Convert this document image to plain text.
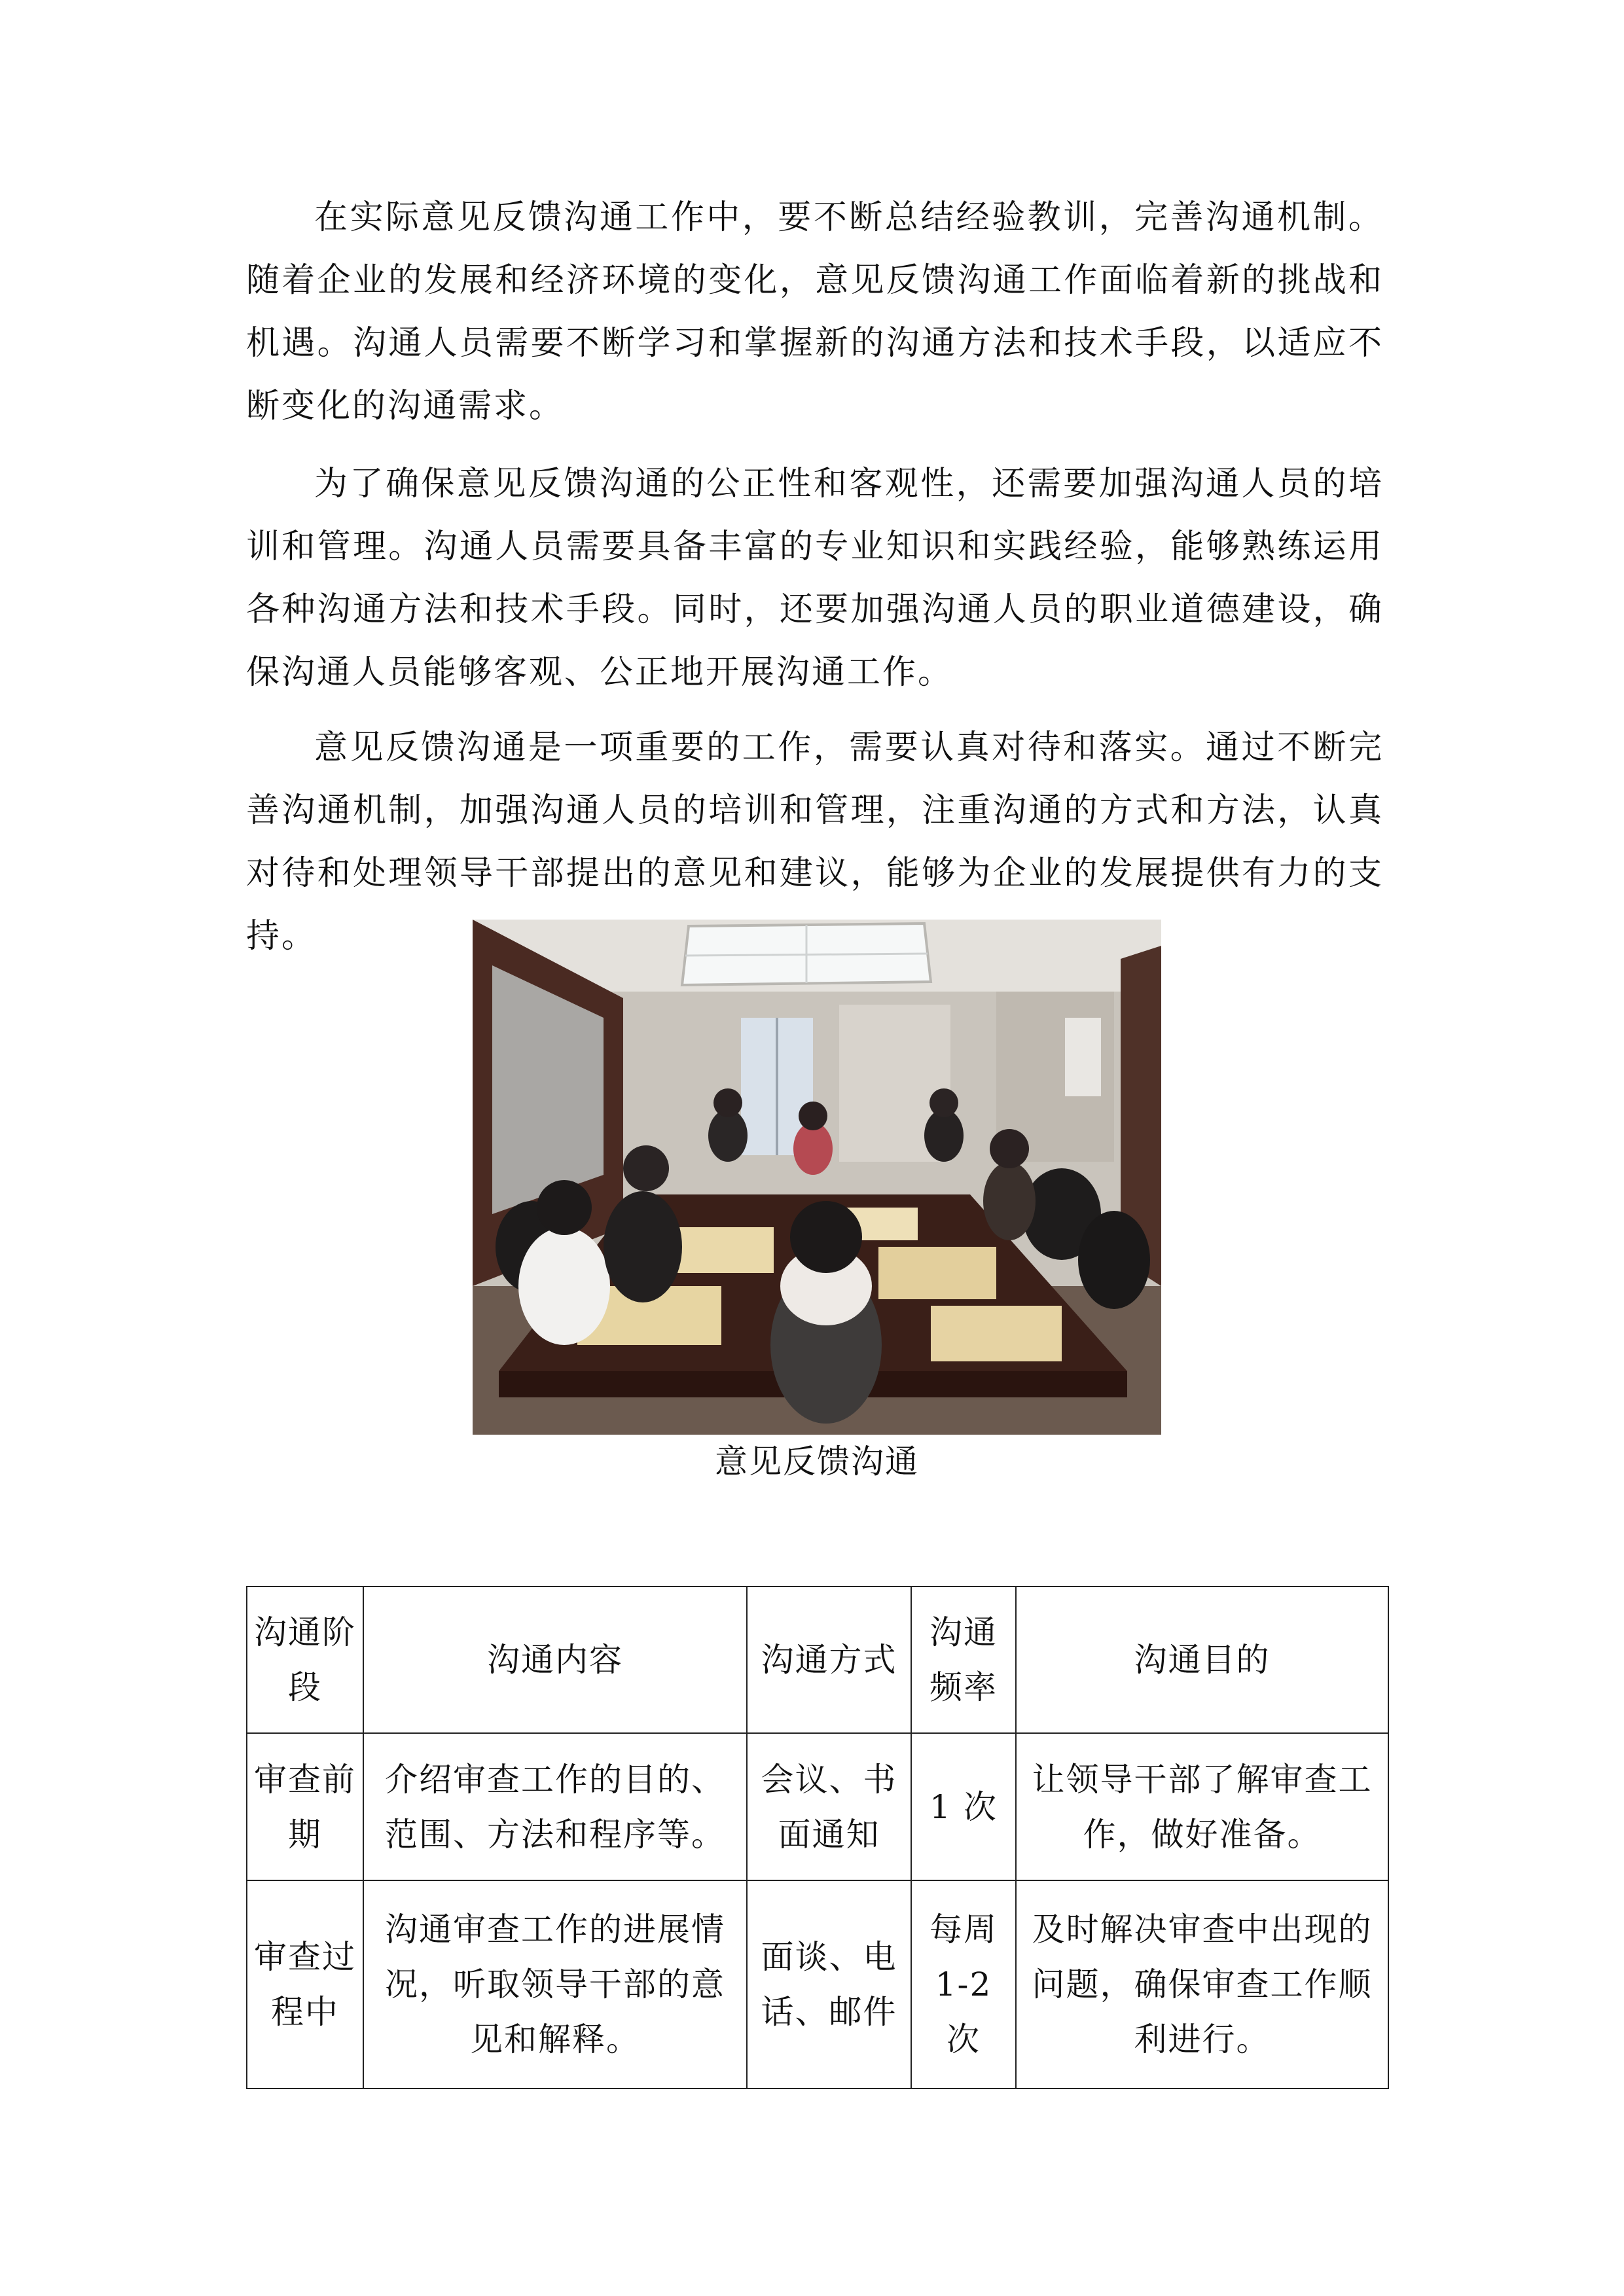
在实际意见反馈沟通工作中，要不断总结经验教训，完善沟通机制。随着企业的发展和经济环境的变化，意见反馈沟通工作面临着新的挑战和机遇。沟通人员需要不断学习和掌握新的沟通方法和技术手段，以适应不断变化的沟通需求。

为了确保意见反馈沟通的公正性和客观性，还需要加强沟通人员的培训和管理。沟通人员需要具备丰富的专业知识和实践经验，能够熟练运用各种沟通方法和技术手段。同时，还要加强沟通人员的职业道德建设，确保沟通人员能够客观、公正地开展沟通工作。

意见反馈沟通是一项重要的工作，需要认真对待和落实。通过不断完善沟通机制，加强沟通人员的培训和管理，注重沟通的方式和方法，认真对待和处理领导干部提出的意见和建议，能够为企业的发展提供有力的支持。

意见反馈沟通
沟通阶段	沟通内容	沟通方式	沟通频率	沟通目的
审查前期	介绍审查工作的目的、范围、方法和程序等。	会议、书面通知	1 次	让领导干部了解审查工作，做好准备。
审查过程中	沟通审查工作的进展情况，听取领导干部的意见和解释。	面谈、电话、邮件	每周1-2 次	及时解决审查中出现的问题，确保审查工作顺利进行。
